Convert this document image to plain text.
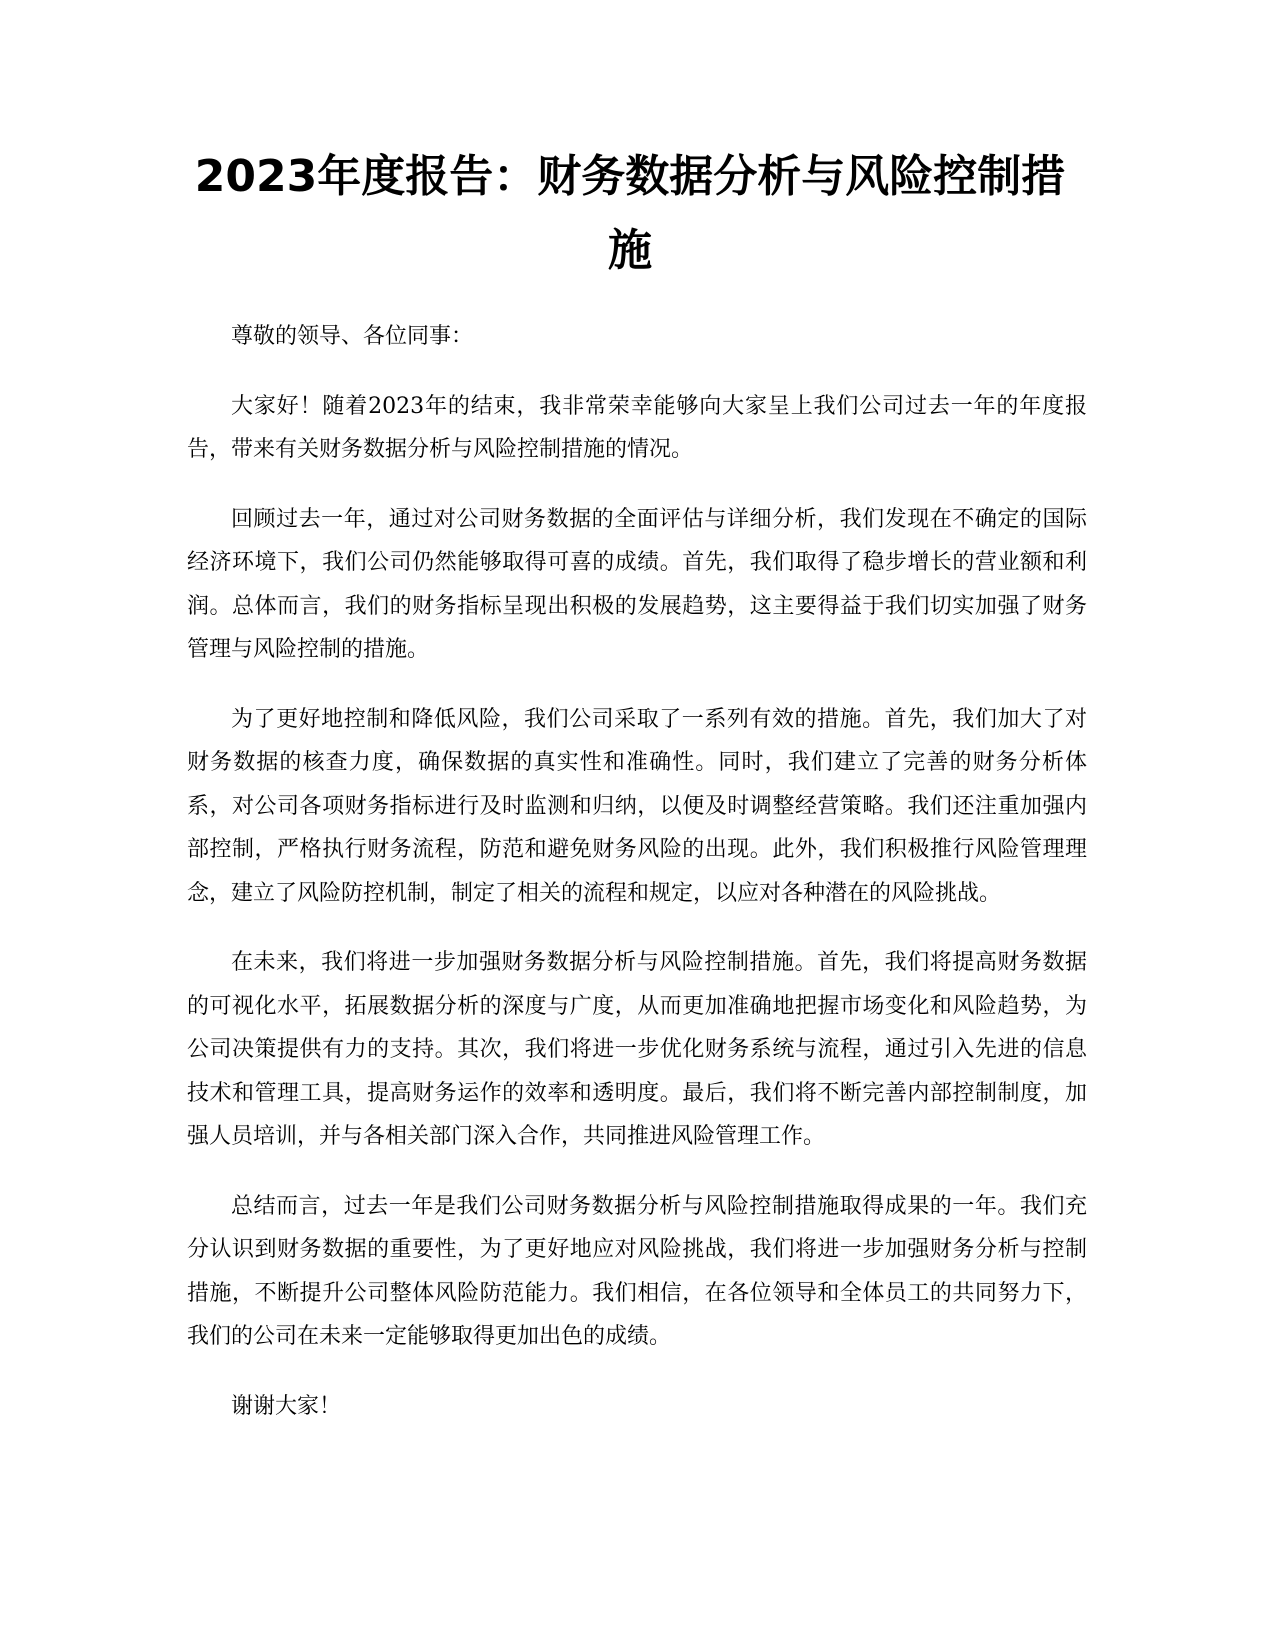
2023年度报告：财务数据分析与风险控制措施

尊敬的领导、各位同事：

大家好！随着2023年的结束，我非常荣幸能够向大家呈上我们公司过去一年的年度报告，带来有关财务数据分析与风险控制措施的情况。

回顾过去一年，通过对公司财务数据的全面评估与详细分析，我们发现在不确定的国际经济环境下，我们公司仍然能够取得可喜的成绩。首先，我们取得了稳步增长的营业额和利润。总体而言，我们的财务指标呈现出积极的发展趋势，这主要得益于我们切实加强了财务管理与风险控制的措施。

为了更好地控制和降低风险，我们公司采取了一系列有效的措施。首先，我们加大了对财务数据的核查力度，确保数据的真实性和准确性。同时，我们建立了完善的财务分析体系，对公司各项财务指标进行及时监测和归纳，以便及时调整经营策略。我们还注重加强内部控制，严格执行财务流程，防范和避免财务风险的出现。此外，我们积极推行风险管理理念，建立了风险防控机制，制定了相关的流程和规定，以应对各种潜在的风险挑战。

在未来，我们将进一步加强财务数据分析与风险控制措施。首先，我们将提高财务数据的可视化水平，拓展数据分析的深度与广度，从而更加准确地把握市场变化和风险趋势，为公司决策提供有力的支持。其次，我们将进一步优化财务系统与流程，通过引入先进的信息技术和管理工具，提高财务运作的效率和透明度。最后，我们将不断完善内部控制制度，加强人员培训，并与各相关部门深入合作，共同推进风险管理工作。

总结而言，过去一年是我们公司财务数据分析与风险控制措施取得成果的一年。我们充分认识到财务数据的重要性，为了更好地应对风险挑战，我们将进一步加强财务分析与控制措施，不断提升公司整体风险防范能力。我们相信，在各位领导和全体员工的共同努力下，我们的公司在未来一定能够取得更加出色的成绩。

谢谢大家！
